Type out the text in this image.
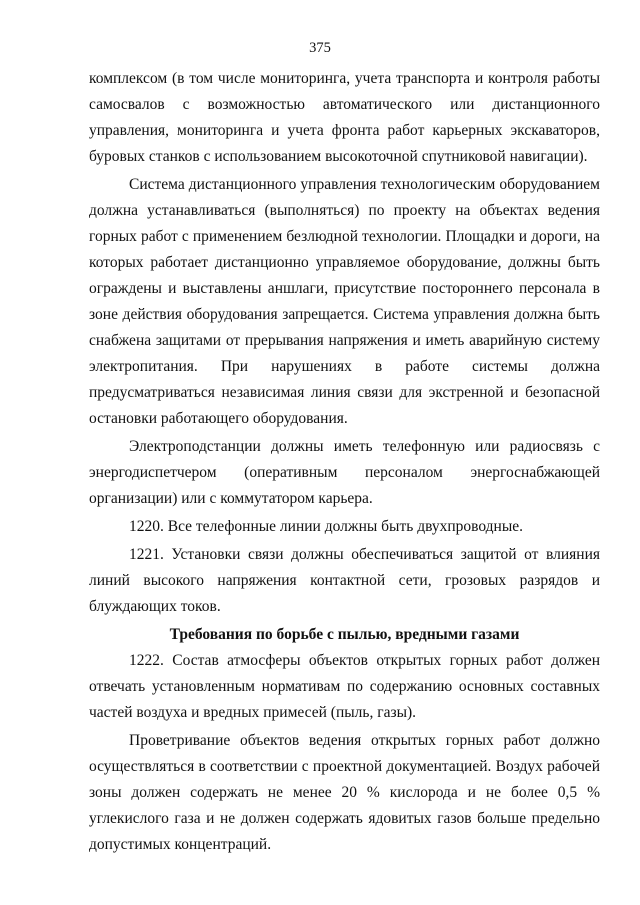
375

комплексом (в том числе мониторинга, учета транспорта и контроля работы самосвалов с возможностью автоматического или дистанционного управления, мониторинга и учета фронта работ карьерных экскаваторов, буровых станков с использованием высокоточной спутниковой навигации).

Система дистанционного управления технологическим оборудованием должна устанавливаться (выполняться) по проекту на объектах ведения горных работ с применением безлюдной технологии. Площадки и дороги, на которых работает дистанционно управляемое оборудование, должны быть ограждены и выставлены аншлаги, присутствие постороннего персонала в зоне действия оборудования запрещается. Система управления должна быть снабжена защитами от прерывания напряжения и иметь аварийную систему электропитания. При нарушениях в работе системы должна предусматриваться независимая линия связи для экстренной и безопасной остановки работающего оборудования.

Электроподстанции должны иметь телефонную или радиосвязь с энергодиспетчером (оперативным персоналом энергоснабжающей организации) или с коммутатором карьера.

1220. Все телефонные линии должны быть двухпроводные.

1221. Установки связи должны обеспечиваться защитой от влияния линий высокого напряжения контактной сети, грозовых разрядов и блуждающих токов.

Требования по борьбе с пылью, вредными газами

1222. Состав атмосферы объектов открытых горных работ должен отвечать установленным нормативам по содержанию основных составных частей воздуха и вредных примесей (пыль, газы).

Проветривание объектов ведения открытых горных работ должно осуществляться в соответствии с проектной документацией. Воздух рабочей зоны должен содержать не менее 20 % кислорода и не более 0,5 % углекислого газа и не должен содержать ядовитых газов больше предельно допустимых концентраций.
